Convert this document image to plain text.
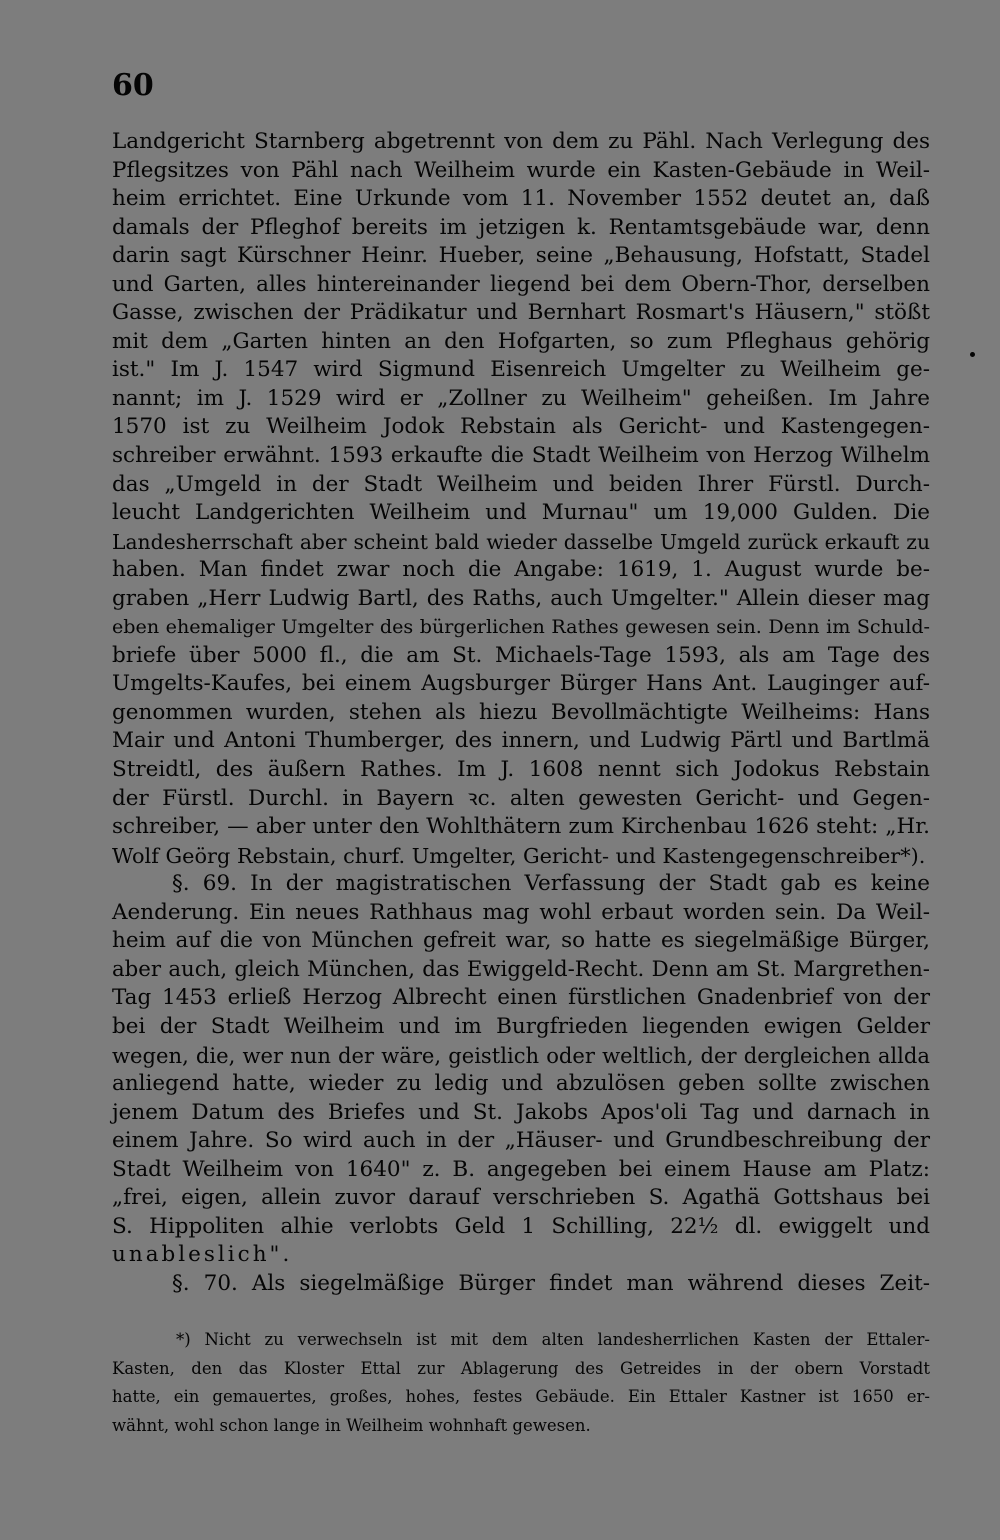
60
Landgericht Starnberg abgetrennt von dem zu Pähl. Nach Verlegung des
Pflegsitzes von Pähl nach Weilheim wurde ein Kasten-Gebäude in Weil-
heim errichtet. Eine Urkunde vom 11. November 1552 deutet an, daß
damals der Pfleghof bereits im jetzigen k. Rentamtsgebäude war, denn
darin sagt Kürschner Heinr. Hueber, seine „Behausung, Hofstatt, Stadel
und Garten, alles hintereinander liegend bei dem Obern-Thor, derselben
Gasse, zwischen der Prädikatur und Bernhart Rosmart's Häusern," stößt
mit dem „Garten hinten an den Hofgarten, so zum Pfleghaus gehörig
ist." Im J. 1547 wird Sigmund Eisenreich Umgelter zu Weilheim ge-
nannt; im J. 1529 wird er „Zollner zu Weilheim" geheißen. Im Jahre
1570 ist zu Weilheim Jodok Rebstain als Gericht- und Kastengegen-
schreiber erwähnt. 1593 erkaufte die Stadt Weilheim von Herzog Wilhelm
das „Umgeld in der Stadt Weilheim und beiden Ihrer Fürstl. Durch-
leucht Landgerichten Weilheim und Murnau" um 19,000 Gulden. Die
Landesherrschaft aber scheint bald wieder dasselbe Umgeld zurück erkauft zu
haben. Man findet zwar noch die Angabe: 1619, 1. August wurde be-
graben „Herr Ludwig Bartl, des Raths, auch Umgelter." Allein dieser mag
eben ehemaliger Umgelter des bürgerlichen Rathes gewesen sein. Denn im Schuld-
briefe über 5000 fl., die am St. Michaels-Tage 1593, als am Tage des
Umgelts-Kaufes, bei einem Augsburger Bürger Hans Ant. Lauginger auf-
genommen wurden, stehen als hiezu Bevollmächtigte Weilheims: Hans
Mair und Antoni Thumberger, des innern, und Ludwig Pärtl und Bartlmä
Streidtl, des äußern Rathes. Im J. 1608 nennt sich Jodokus Rebstain
der Fürstl. Durchl. in Bayern ꝛc. alten gewesten Gericht- und Gegen-
schreiber, — aber unter den Wohlthätern zum Kirchenbau 1626 steht: „Hr.
Wolf Geörg Rebstain, churf. Umgelter, Gericht- und Kastengegenschreiber*).
§. 69. In der magistratischen Verfassung der Stadt gab es keine
Aenderung. Ein neues Rathhaus mag wohl erbaut worden sein. Da Weil-
heim auf die von München gefreit war, so hatte es siegelmäßige Bürger,
aber auch, gleich München, das Ewiggeld-Recht. Denn am St. Margrethen-
Tag 1453 erließ Herzog Albrecht einen fürstlichen Gnadenbrief von der
bei der Stadt Weilheim und im Burgfrieden liegenden ewigen Gelder
wegen, die, wer nun der wäre, geistlich oder weltlich, der dergleichen allda
anliegend hatte, wieder zu ledig und abzulösen geben sollte zwischen
jenem Datum des Briefes und St. Jakobs Apos'oli Tag und darnach in
einem Jahre. So wird auch in der „Häuser- und Grundbeschreibung der
Stadt Weilheim von 1640" z. B. angegeben bei einem Hause am Platz:
„frei, eigen, allein zuvor darauf verschrieben S. Agathä Gottshaus bei
S. Hippoliten alhie verlobts Geld 1 Schilling, 22½ dl. ewiggelt und
unableslich".
§. 70. Als siegelmäßige Bürger findet man während dieses Zeit-
*) Nicht zu verwechseln ist mit dem alten landesherrlichen Kasten der Ettaler-
Kasten, den das Kloster Ettal zur Ablagerung des Getreides in der obern Vorstadt
hatte, ein gemauertes, großes, hohes, festes Gebäude. Ein Ettaler Kastner ist 1650 er-
wähnt, wohl schon lange in Weilheim wohnhaft gewesen.
